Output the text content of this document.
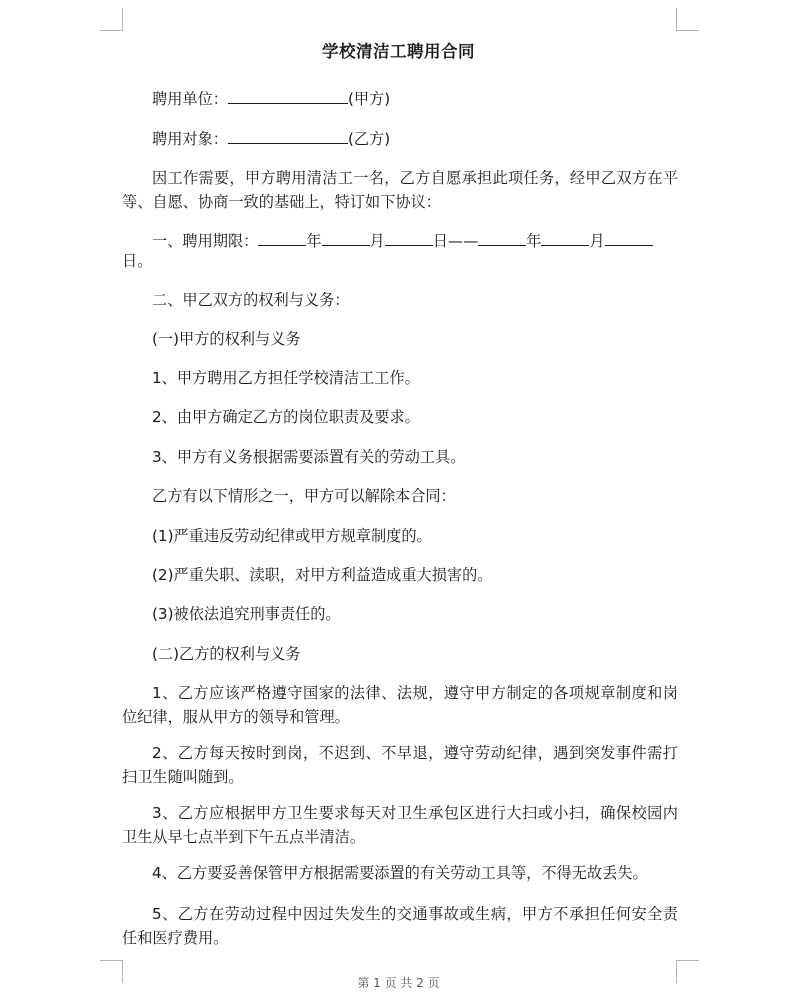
学校清洁工聘用合同
聘用单位：	(甲方)
聘用对象：	(乙方)
因工作需要，甲方聘用清洁工一名，乙方自愿承担此项任务，经甲乙双方在平等、自愿、协商一致的基础上，特订如下协议：
一、聘用期限：	年	月	日——	年	月
日。
二、甲乙双方的权利与义务：
(一)甲方的权利与义务
1、甲方聘用乙方担任学校清洁工工作。
2、由甲方确定乙方的岗位职责及要求。
3、甲方有义务根据需要添置有关的劳动工具。
乙方有以下情形之一，甲方可以解除本合同：
(1)严重违反劳动纪律或甲方规章制度的。
(2)严重失职、渎职，对甲方利益造成重大损害的。
(3)被依法追究刑事责任的。
(二)乙方的权利与义务
1、乙方应该严格遵守国家的法律、法规，遵守甲方制定的各项规章制度和岗位纪律，服从甲方的领导和管理。
2、乙方每天按时到岗，不迟到、不早退，遵守劳动纪律，遇到突发事件需打扫卫生随叫随到。
3、乙方应根据甲方卫生要求每天对卫生承包区进行大扫或小扫，确保校园内卫生从早七点半到下午五点半清洁。
4、乙方要妥善保管甲方根据需要添置的有关劳动工具等，不得无故丢失。
5、乙方在劳动过程中因过失发生的交通事故或生病，甲方不承担任何安全责任和医疗费用。
第 1 页 共 2 页
